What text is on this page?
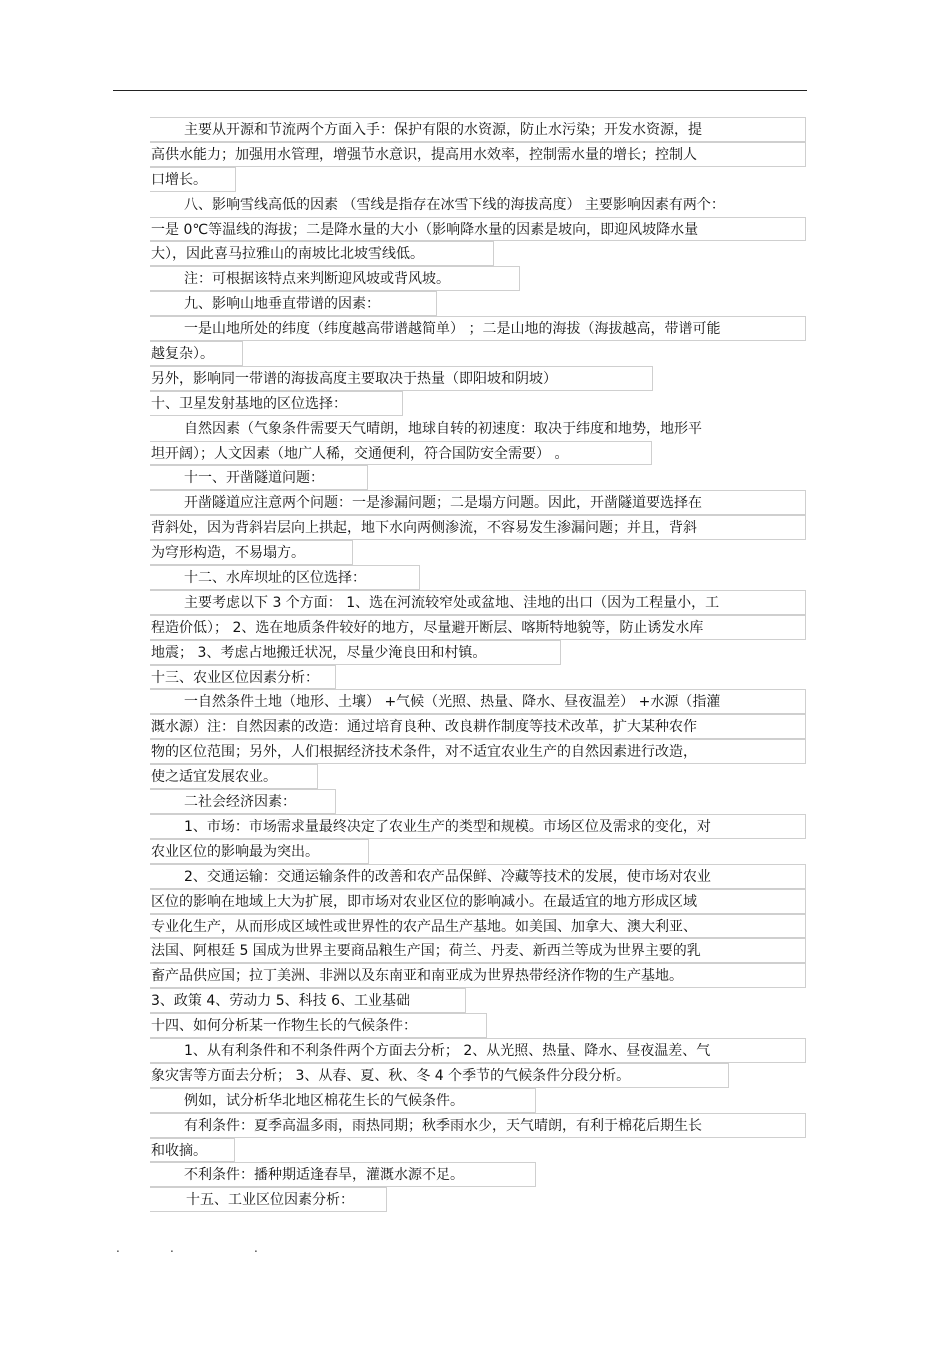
主要从开源和节流两个方面入手：保护有限的水资源，防止水污染；开发水资源，提
高供水能力；加强用水管理，增强节水意识，提高用水效率，控制需水量的增长；控制人
口增长。
八、影响雪线高低的因素 （雪线是指存在冰雪下线的海拔高度） 主要影响因素有两个：
一是 0℃等温线的海拔；二是降水量的大小（影响降水量的因素是坡向，即迎风坡降水量
大），因此喜马拉雅山的南坡比北坡雪线低。
注：可根据该特点来判断迎风坡或背风坡。
九、影响山地垂直带谱的因素：
一是山地所处的纬度（纬度越高带谱越简单） ；二是山地的海拔（海拔越高，带谱可能
越复杂）。
另外，影响同一带谱的海拔高度主要取决于热量（即阳坡和阴坡）
十、卫星发射基地的区位选择：
自然因素（气象条件需要天气晴朗，地球自转的初速度：取决于纬度和地势，地形平
坦开阔）；人文因素（地广人稀，交通便利，符合国防安全需要） 。
十一、开凿隧道问题：
开凿隧道应注意两个问题：一是渗漏问题；二是塌方问题。因此，开凿隧道要选择在
背斜处，因为背斜岩层向上拱起，地下水向两侧渗流，不容易发生渗漏问题；并且，背斜
为穹形构造，不易塌方。
十二、水库坝址的区位选择：
主要考虑以下 3 个方面： 1、选在河流较窄处或盆地、洼地的出口（因为工程量小，工
程造价低）； 2、选在地质条件较好的地方，尽量避开断层、喀斯特地貌等，防止诱发水库
地震； 3、考虑占地搬迁状况，尽量少淹良田和村镇。
十三、农业区位因素分析：
一自然条件土地（地形、土壤） +气候（光照、热量、降水、昼夜温差） +水源（指灌
溉水源）注：自然因素的改造：通过培育良种、改良耕作制度等技术改革，扩大某种农作
物的区位范围；另外，人们根据经济技术条件，对不适宜农业生产的自然因素进行改造，
使之适宜发展农业。
二社会经济因素：
1、市场：市场需求量最终决定了农业生产的类型和规模。市场区位及需求的变化，对
农业区位的影响最为突出。
2、交通运输：交通运输条件的改善和农产品保鲜、冷藏等技术的发展，使市场对农业
区位的影响在地域上大为扩展，即市场对农业区位的影响减小。在最适宜的地方形成区域
专业化生产，从而形成区域性或世界性的农产品生产基地。如美国、加拿大、澳大利亚、
法国、阿根廷 5 国成为世界主要商品粮生产国；荷兰、丹麦、新西兰等成为世界主要的乳
畜产品供应国；拉丁美洲、非洲以及东南亚和南亚成为世界热带经济作物的生产基地。
3、政策 4、劳动力 5、科技 6、工业基础
十四、如何分析某一作物生长的气候条件：
1、从有利条件和不利条件两个方面去分析； 2、从光照、热量、降水、昼夜温差、气
象灾害等方面去分析； 3、从春、夏、秋、冬 4 个季节的气候条件分段分析。
例如，试分析华北地区棉花生长的气候条件。
有利条件：夏季高温多雨，雨热同期；秋季雨水少，天气晴朗，有利于棉花后期生长
和收摘。
不利条件：播种期适逢春旱，灌溉水源不足。
十五、工业区位因素分析：
.	.	.
